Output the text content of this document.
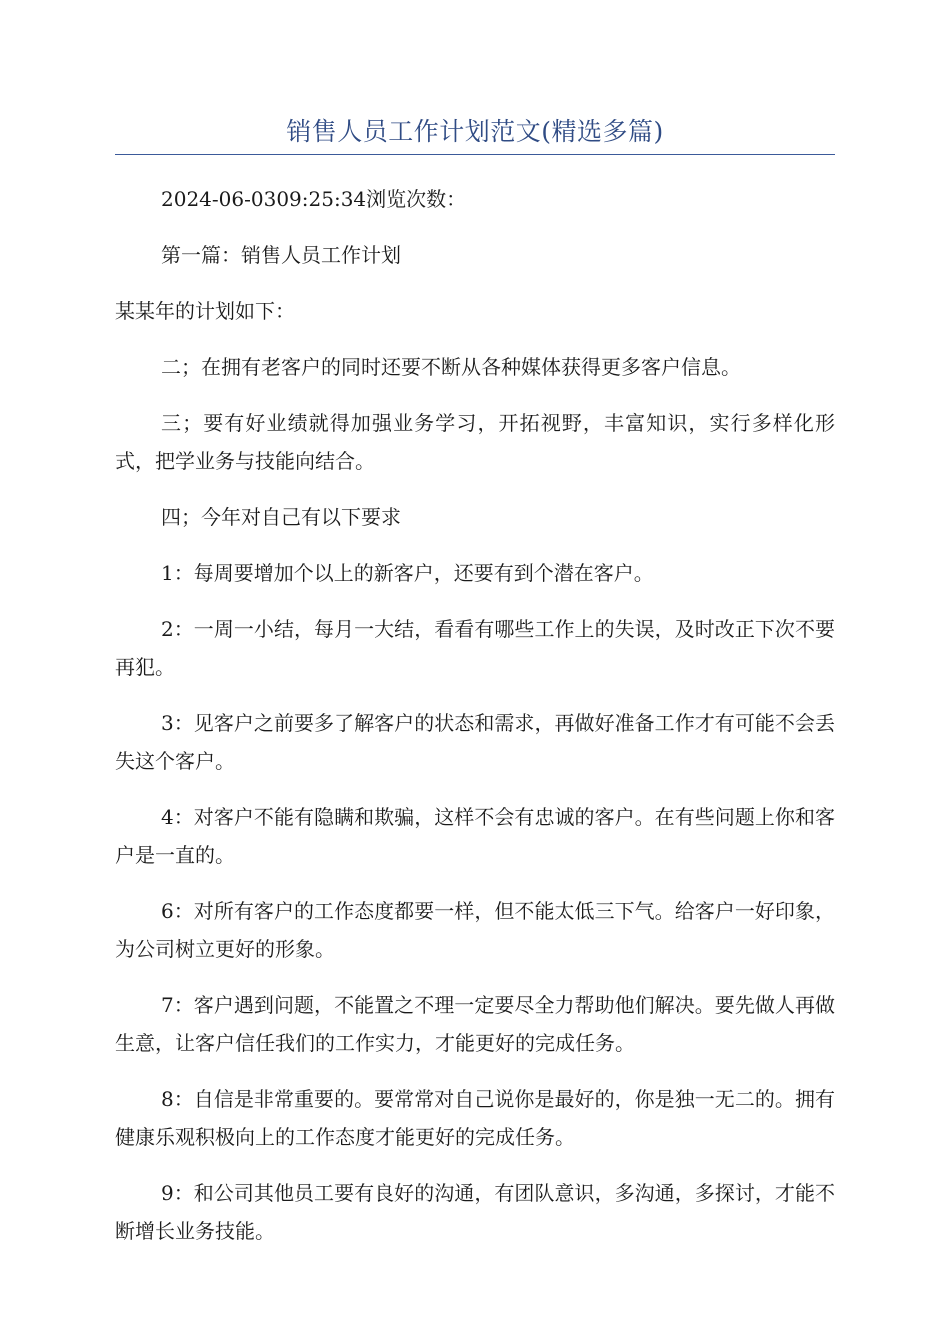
销售人员工作计划范文(精选多篇)

2024-06-0309:25:34浏览次数：

第一篇：销售人员工作计划

某某年的计划如下：

二；在拥有老客户的同时还要不断从各种媒体获得更多客户信息。

三；要有好业绩就得加强业务学习，开拓视野，丰富知识，实行多样化形式，把学业务与技能向结合。

四；今年对自己有以下要求

1：每周要增加个以上的新客户，还要有到个潜在客户。

2：一周一小结，每月一大结，看看有哪些工作上的失误，及时改正下次不要再犯。

3：见客户之前要多了解客户的状态和需求，再做好准备工作才有可能不会丢失这个客户。

4：对客户不能有隐瞒和欺骗，这样不会有忠诚的客户。在有些问题上你和客户是一直的。

6：对所有客户的工作态度都要一样，但不能太低三下气。给客户一好印象，为公司树立更好的形象。

7：客户遇到问题，不能置之不理一定要尽全力帮助他们解决。要先做人再做生意，让客户信任我们的工作实力，才能更好的完成任务。

8：自信是非常重要的。要常常对自己说你是最好的，你是独一无二的。拥有健康乐观积极向上的工作态度才能更好的完成任务。

9：和公司其他员工要有良好的沟通，有团队意识，多沟通，多探讨，才能不断增长业务技能。
